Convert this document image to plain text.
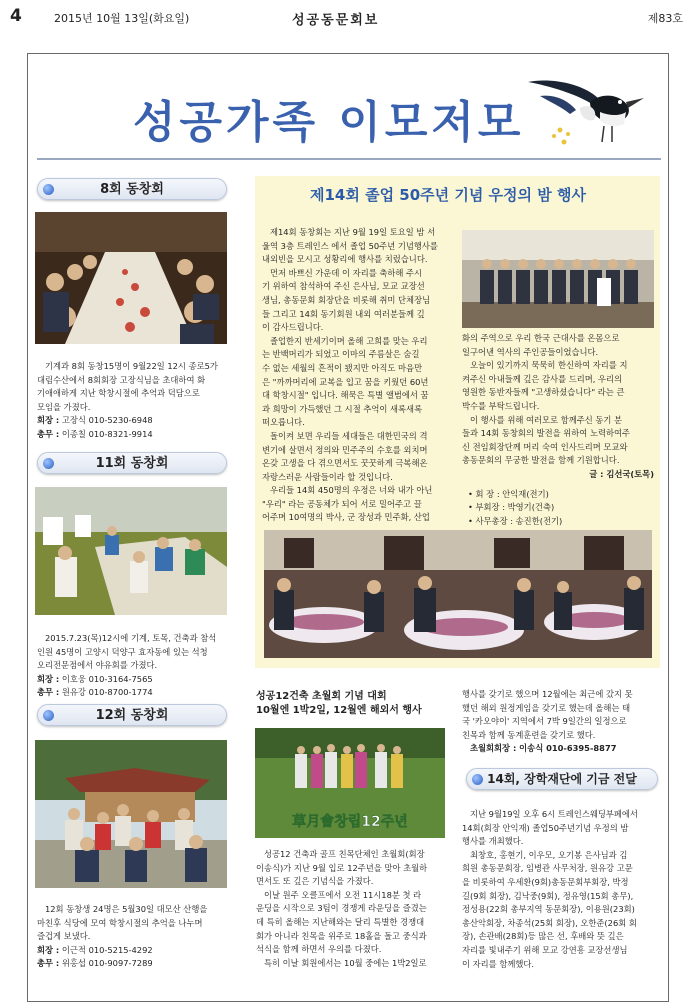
4	2015년 10월 13일(화요일)	성공동문회보	제83호
성공가족 이모저모
8회 동창회
기계과 8회 동창15명이 9월22일 12시 종로5가
대림수산에서 8회회장 고장식님을 초대하여 화
기애애하게 지난 학창시절에 추억과 덕담으로
모임을 가졌다.
회장 : 고장식 010-5230-6948
총무 : 이종칠 010-8321-9914
11회 동창회
2015.7.23(목)12시에 기계, 토목, 건축과 참석
인원 45명이 고양시 덕양구 효자동에 있는 석청
오리전문점에서 야유회를 가졌다.
회장 : 이호웅 010-3164-7565
총무 : 원유강 010-8700-1774
12회 동창회
12회 동창생 24명은 5월30일 대모산 산행을
마친후 식당에 모여 학창시절의 추억을 나누며
즐겁게 보냈다.
회장 : 이근적 010-5215-4292
총무 : 위홍섭 010-9097-7289
제14회 졸업 50주년 기념 우정의 밤 행사
제14회 동창회는 지난 9월 19일 토요일 밤 서
울역 3층 트레인스 에서 졸업 50주년 기념행사를
내외빈을 모시고 성황리에 행사를 치렀습니다.
먼저 바쁘신 가운데 이 자리를 축하해 주시
기 위하여 참석하여 주신 은사님, 모교 교장선
생님, 총동문회 회장단을 비롯해 취미 단체장님
들 그리고 14회 동기회원 내외 여러분들께 깊
이 감사드립니다.
졸업한지 반세기이며 올해 고희를 맞는 우리
는 반백머리가 되었고 이마의 주름살은 숨길
수 없는 세월의 흔적이 됐지만 아직도 마음만
은 "까까머리에 교복을 입고 꿈을 키웠던 60년
대 학창시절" 입니다. 해묵은 특별 앨범에서 꿈
과 희망이 가득했던 그 시절 추억이 새록새록
떠오릅니다.
돌이켜 보면 우리들 세대들은 대한민국의 격
변기에 살면서 정의와 민주주의 수호를 외치며
온갖 고생을 다 겪으면서도 꿋꿋하게 극복해온
자랑스러운 사람들이라 할 것입니다.
우리들 14회 450명의 우정은 너와 내가 아닌
"우리" 라는 공동체가 되어 서로 밀어주고 끌
어주며 10여명의 박사, 군 장성과 민주화, 산업
화의 주역으로 우리 한국 근대사를 온몸으로
일구어낸 역사의 주인공들이었습니다.
오늘이 있기까지 묵묵히 한신하여 자리를 지
켜주신 아내들께 깊은 감사를 드리며, 우리의
영원한 동반자들께 "고생하셨습니다" 라는 큰
박수를 부탁드립니다.
이 행사를 위해 여러모로 함께주신 동기 분
들과 14회 동창회의 발전을 위하여 노력하여주
신 전임회장단께 머리 숙여 인사드리며 모교와
총동문회의 무궁한 발전을 함께 기원합니다.
글 : 김선국(토목)
• 회 장 : 안익재(전기)
• 부회장 : 박영기(건축)
• 사무총장 : 송진한(전기)
성공12건축 초월회 기념 대회
10월엔 1박2일, 12월엔 해외서 행사
草月會창립12주년
성공12 건축과 골프 친목단체인 초월회(회장
이송식)가 지난 9월 입로 12주년을 맞아 초월하
면서도 또 깊은 기념식을 가졌다.
이날 원주 오클프에서 오전 11시18분 첫 라
운딩을 시작으로 3팀이 경쟁게 라운딩을 즐겼는
데 특히 올해는 지난해와는 달리 특별한 경쟁대
회가 아니라 친목을 위주로 18홀을 돌고 중식과
석식을 함께 하면서 우의를 다졌다.
특히 이날 회원에서는 10월 중에는 1박2일로
행사를 갖기로 했으며 12월에는 최근에 갔지 못
했던 해외 원정게임을 갖기로 했는데 올해는 태
국 '카오야이' 지역에서 7박 9일간의 일정으로
친목과 함께 동계훈련을 갖기로 했다.
초월회회장 : 이송식 010-6395-8877
14회, 장학재단에 기금 전달
지난 9월19일 오후 6시 트레인스웨딩부페에서
14회(회장 안익재) 졸업50주년기념 우정의 밤
행사를 개최했다.
최창호, 홍현기, 이우모, 오기봉 은사님과 김
희원 총동문회장, 임병관 사무처장, 원유강 고문
을 비롯하여 우세환(9회)총동문회부회장, 박정
길(9회 회장), 김낙중(9회), 정유영(15회 총무),
정성용(22회 총부지역 동문회장), 이용원(23회)
총산악회장, 차종석(25회 회장), 오한준(26회 회
장), 손관배(28회)등 많은 선, 후배와 뜻 깊은
자리를 빛내주기 위해 모교 강연흥 교장선생님
이 자리를 함께했다.
